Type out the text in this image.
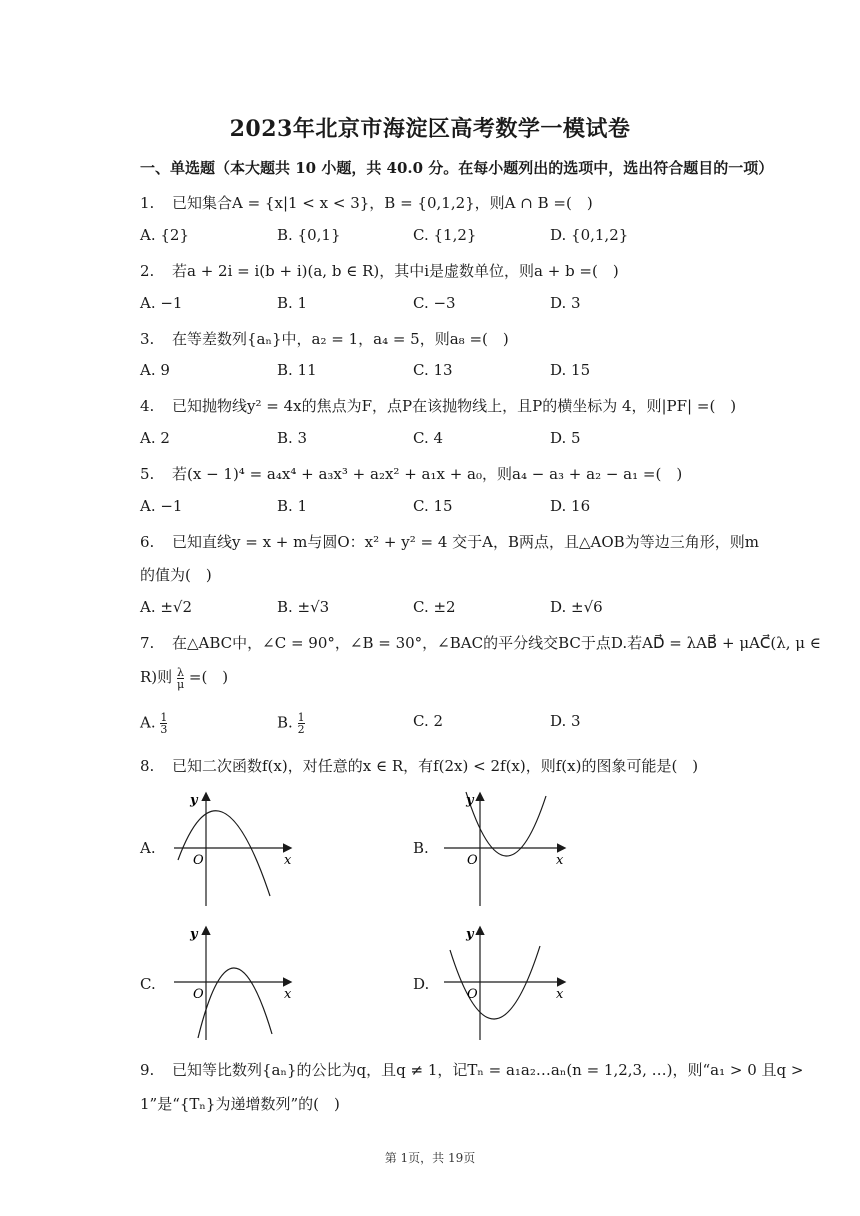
2023年北京市海淀区高考数学一模试卷
一、单选题（本大题共 10 小题，共 40.0 分。在每小题列出的选项中，选出符合题目的一项）
1. 已知集合A = {x|1 < x < 3}，B = {0,1,2}，则A ∩ B =(　)
A. {2}	B. {0,1}	C. {1,2}	D. {0,1,2}
2. 若a + 2i = i(b + i)(a, b ∈ R)，其中i是虚数单位，则a + b =(　)
A. −1	B. 1	C. −3	D. 3
3. 在等差数列{aₙ}中，a₂ = 1，a₄ = 5，则a₈ =(　)
A. 9	B. 11	C. 13	D. 15
4. 已知抛物线y² = 4x的焦点为F，点P在该抛物线上，且P的横坐标为 4，则|PF| =(　)
A. 2	B. 3	C. 4	D. 5
5. 若(x − 1)⁴ = a₄x⁴ + a₃x³ + a₂x² + a₁x + a₀，则a₄ − a₃ + a₂ − a₁ =(　)
A. −1	B. 1	C. 15	D. 16
6. 已知直线y = x + m与圆O：x² + y² = 4 交于A，B两点，且△AOB为等边三角形，则m
的值为(　)
A. ±√2	B. ±√3	C. ±2	D. ±√6
7. 在△ABC中，∠C = 90°，∠B = 30°，∠BAC的平分线交BC于点D.若AD⃗ = λAB⃗ + μAC⃗(λ, μ ∈
R)则 $\frac{\lambda}{\mu}$ =(　)
A. $\frac{1}{3}$	B. $\frac{1}{2}$	C. 2	D. 3
8. 已知二次函数f(x)，对任意的x ∈ R，有f(2x) < 2f(x)，则f(x)的图象可能是(　)
A.	B.
C.	D.
y
x
O
y
x
O
y
x
O
y
x
O
9. 已知等比数列{aₙ}的公比为q，且q ≠ 1，记Tₙ = a₁a₂…aₙ(n = 1,2,3, …)，则“a₁ > 0 且q >
1”是“{Tₙ}为递增数列”的(　)
第 1页，共 19页
